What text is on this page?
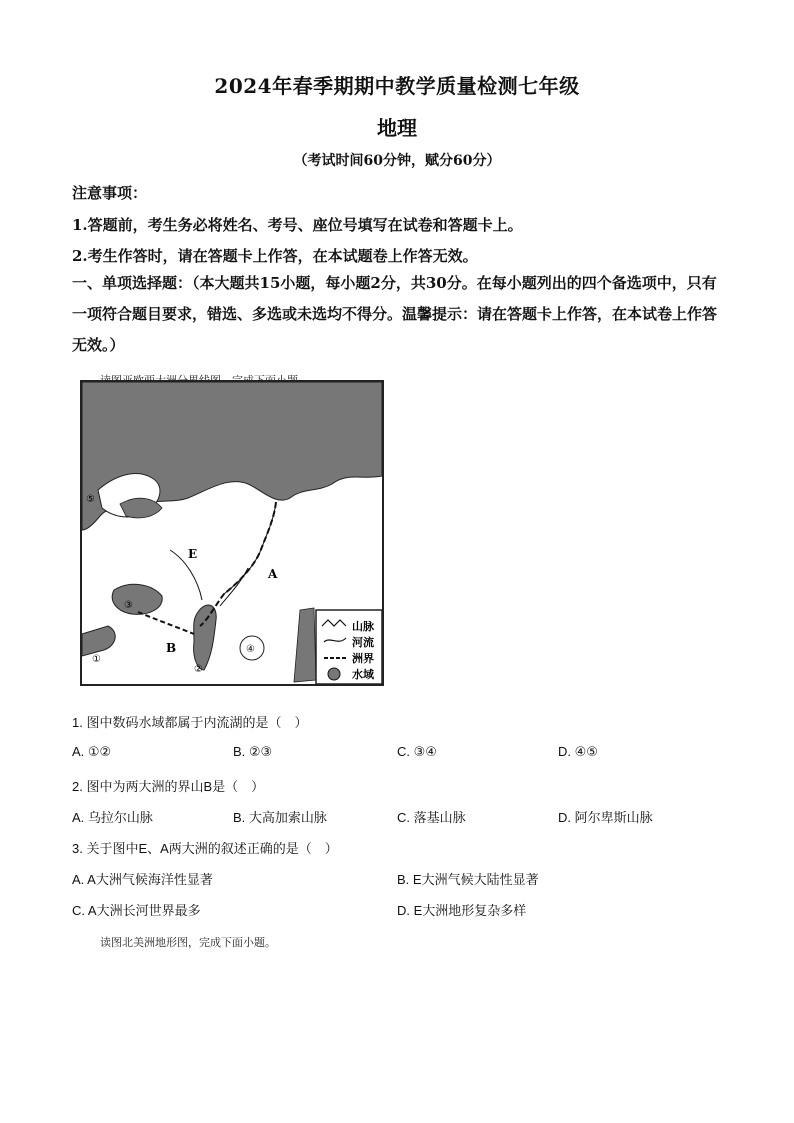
2024年春季期期中教学质量检测七年级
地理
（考试时间60分钟，赋分60分）
注意事项：
1.答题前，考生务必将姓名、考号、座位号填写在试卷和答题卡上。
2.考生作答时，请在答题卡上作答，在本试题卷上作答无效。
一、单项选择题：（本大题共15小题，每小题2分，共30分。在每小题列出的四个备选项中，只有一项符合题目要求，错选、多选或未选均不得分。温馨提示：请在答题卡上作答，在本试卷上作答无效。）
E
A
B
①
②
③
④
⑤
山脉
河流
洲界
水域
1. 图中数码水域都属于内流湖的是（　）
A. ①②	B. ②③	C. ③④	D. ④⑤
2. 图中为两大洲的界山B是（　）
A. 乌拉尔山脉	B. 大高加索山脉	C. 落基山脉	D. 阿尔卑斯山脉
3. 关于图中E、A两大洲的叙述正确的是（　）
A. A大洲气候海洋性显著	B. E大洲气候大陆性显著
C. A大洲长河世界最多	D. E大洲地形复杂多样
读图北美洲地形图，完成下面小题。
